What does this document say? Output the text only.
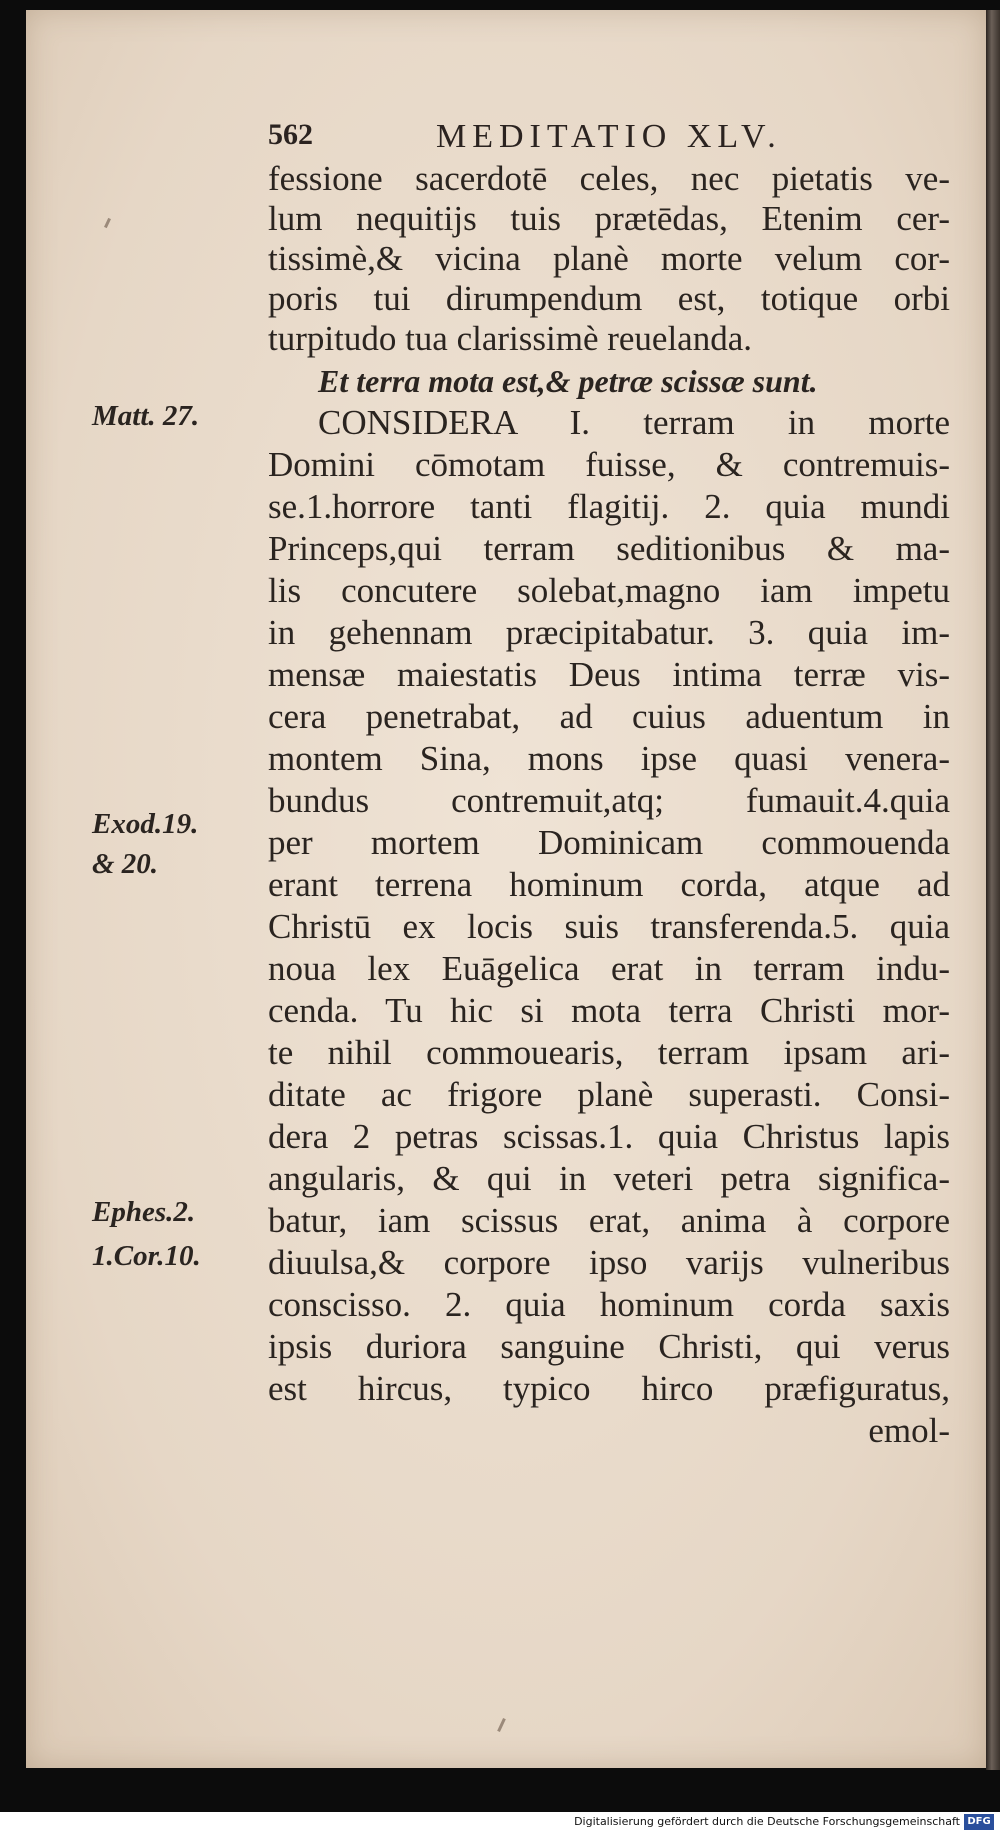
562	MEDITATIO XLV.
fessione sacerdotē celes, nec pietatis ve-
lum nequitijs tuis prætēdas, Etenim cer-
tissimè,& vicina planè morte velum cor-
poris tui dirumpendum est, totique orbi
turpitudo tua clarissimè reuelanda.
Et terra mota est,& petræ scissæ sunt.
CONSIDERA I. terram in morte
Domini cōmotam fuisse, & contremuis-
se.1.horrore tanti flagitij. 2. quia mundi
Princeps,qui terram seditionibus & ma-
lis concutere solebat,magno iam impetu
in gehennam præcipitabatur. 3. quia im-
mensæ maiestatis Deus intima terræ vis-
cera penetrabat, ad cuius aduentum in
montem Sina, mons ipse quasi venera-
bundus contremuit,atq; fumauit.4.quia
per mortem Dominicam commouenda
erant terrena hominum corda, atque ad
Christū ex locis suis transferenda.5. quia
noua lex Euāgelica erat in terram indu-
cenda. Tu hic si mota terra Christi mor-
te nihil commouearis, terram ipsam ari-
ditate ac frigore planè superasti. Consi-
dera 2 petras scissas.1. quia Christus lapis
angularis, & qui in veteri petra significa-
batur, iam scissus erat, anima à corpore
diuulsa,& corpore ipso varijs vulneribus
conscisso. 2. quia hominum corda saxis
ipsis duriora sanguine Christi, qui verus
est hircus, typico hirco præfiguratus,
emol-
Matt. 27.
Exod.19.
& 20.
Ephes.2.
1.Cor.10.
Digitalisierung gefördert durch die Deutsche Forschungsgemeinschaft DFG
